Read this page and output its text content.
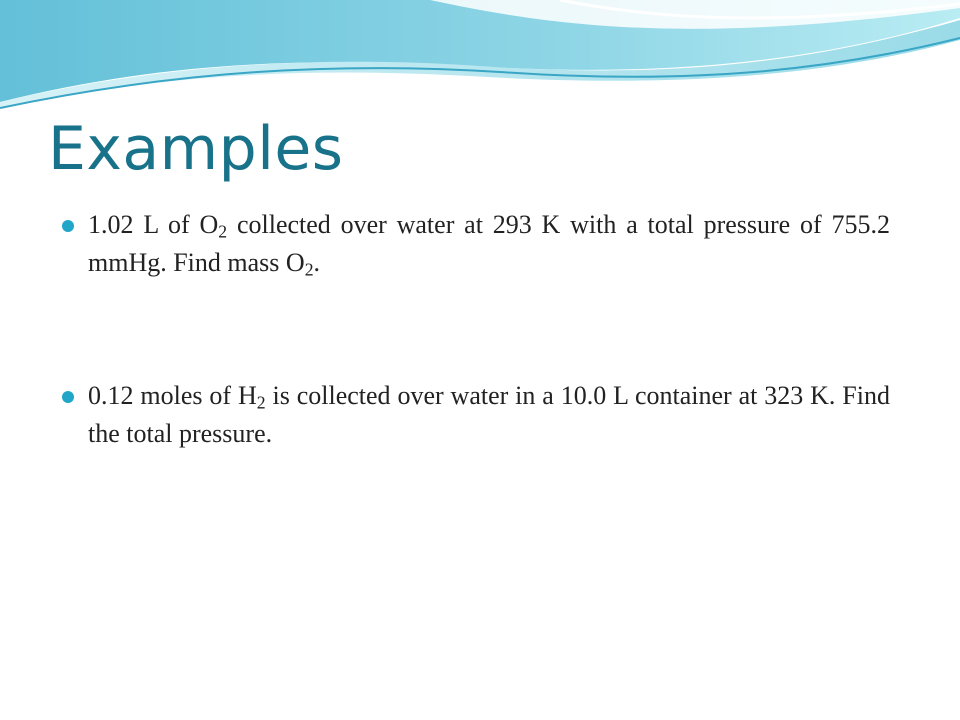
Examples
1.02 L of $O_2$ collected over water at 293 K with a total pressure of 755.2 mmHg. Find mass $O_2$.
0.12 moles of $H_2$ is collected over water in a 10.0 L container at 323 K. Find the total pressure.
